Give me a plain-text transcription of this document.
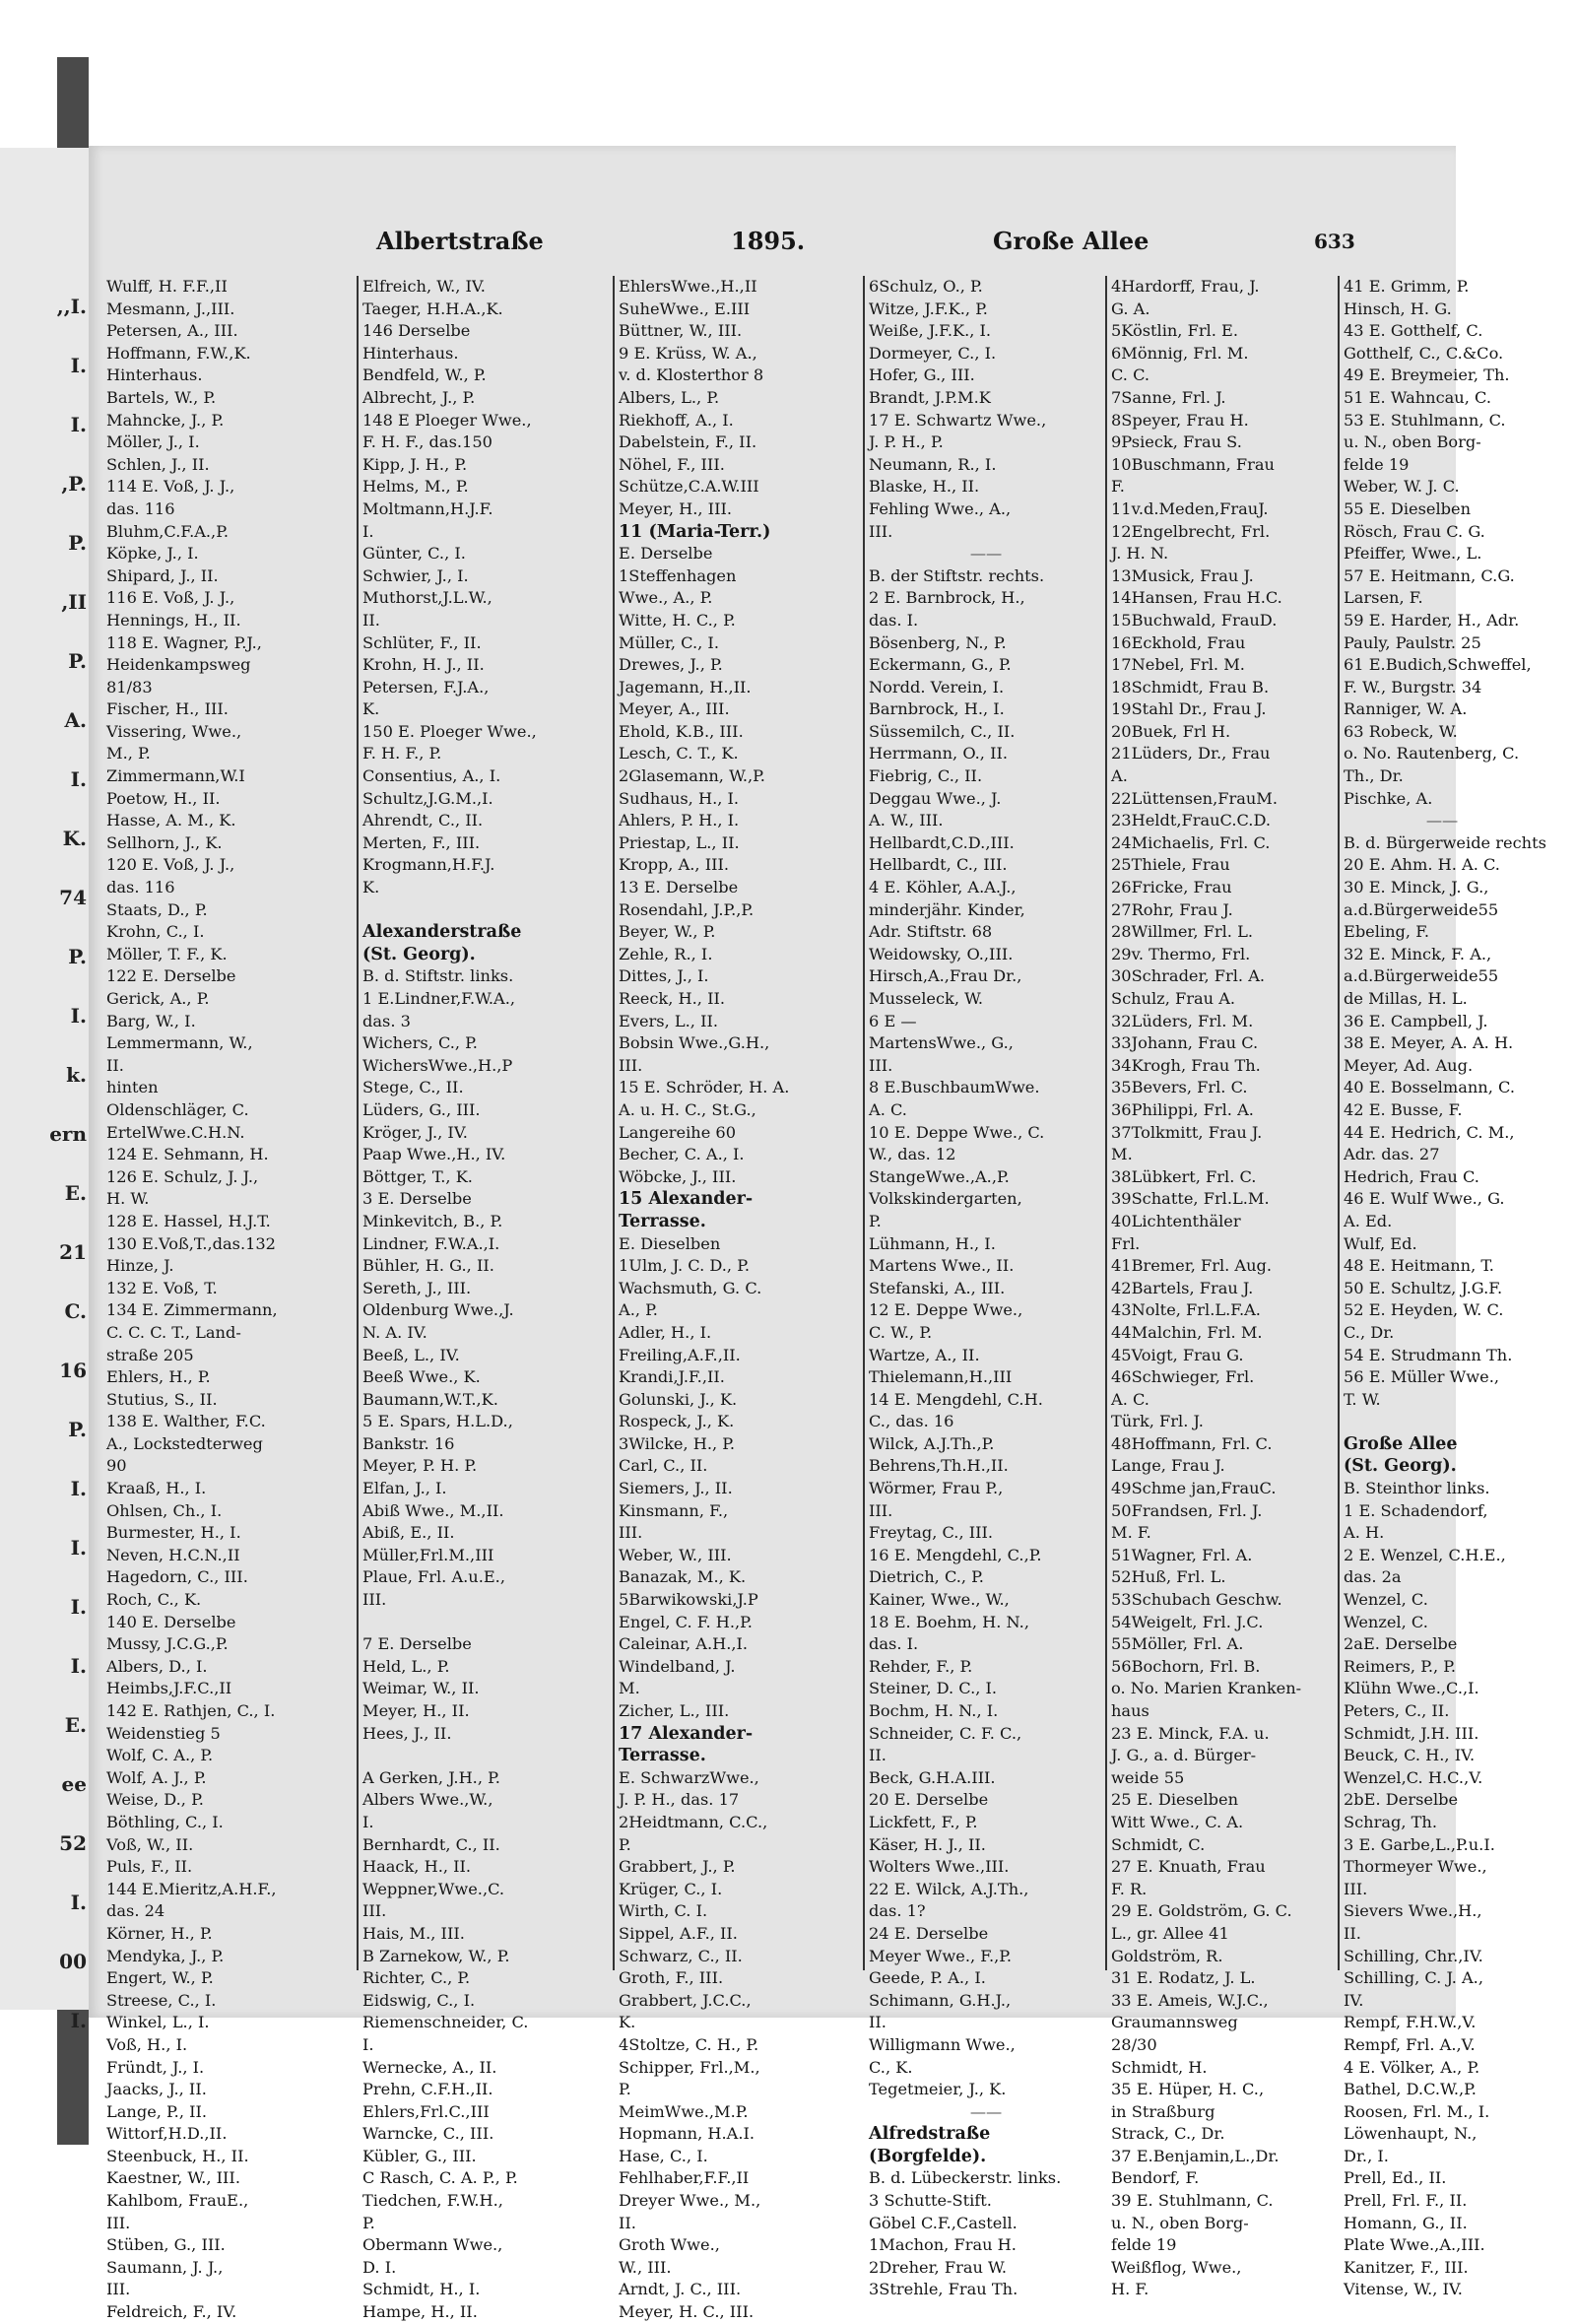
,,I.
I.
I.
,P.
P.
,II
P.
A.
I.
K.
74
P.
I.
k.
ern
E.
21
C.
16
P.
I.
I.
I.
I.
E.
ee
52
I.
00
I.
Albertstraße	1895.	Große Allee	633
Wulff, H. F.F.,II
Mesmann, J.,III.
Petersen, A., III.
Hoffmann, F.W.,K.
Hinterhaus.
Bartels, W., P.
Mahncke, J., P.
Möller, J., I.
Schlen, J., II.
114 E. Voß, J. J.,
das. 116
Bluhm,C.F.A.,P.
Köpke, J., I.
Shipard, J., II.
116 E. Voß, J. J.,
Hennings, H., II.
118 E. Wagner, P.J.,
Heidenkampsweg
81/83
Fischer, H., III.
Vissering, Wwe.,
M., P.
Zimmermann,W.I
Poetow, H., II.
Hasse, A. M., K.
Sellhorn, J., K.
120 E. Voß, J. J.,
das. 116
Staats, D., P.
Krohn, C., I.
Möller, T. F., K.
122 E. Derselbe
Gerick, A., P.
Barg, W., I.
Lemmermann, W.,
II.
hinten
Oldenschläger, C.
ErtelWwe.C.H.N.
124 E. Sehmann, H.
126 E. Schulz, J. J.,
H. W.
128 E. Hassel, H.J.T.
130 E.Voß,T.,das.132
Hinze, J.
132 E. Voß, T.
134 E. Zimmermann,
C. C. C. T., Land-
straße 205
Ehlers, H., P.
Stutius, S., II.
138 E. Walther, F.C.
A., Lockstedterweg
90
Kraaß, H., I.
Ohlsen, Ch., I.
Burmester, H., I.
Neven, H.C.N.,II
Hagedorn, C., III.
Roch, C., K.
140 E. Derselbe
Mussy, J.C.G.,P.
Albers, D., I.
Heimbs,J.F.C.,II
142 E. Rathjen, C., I.
Weidenstieg 5
Wolf, C. A., P.
Wolf, A. J., P.
Weise, D., P.
Böthling, C., I.
Voß, W., II.
Puls, F., II.
144 E.Mieritz,A.H.F.,
das. 24
Körner, H., P.
Mendyka, J., P.
Engert, W., P.
Streese, C., I.
Winkel, L., I.
Voß, H., I.
Fründt, J., I.
Jaacks, J., II.
Lange, P., II.
Wittorf,H.D.,II.
Steenbuck, H., II.
Kaestner, W., III.
Kahlbom, FrauE.,
III.
Stüben, G., III.
Saumann, J. J.,
III.
Feldreich, F., IV.
Elfreich, W., IV.
Taeger, H.H.A.,K.
146 Derselbe
Hinterhaus.
Bendfeld, W., P.
Albrecht, J., P.
148 E Ploeger Wwe.,
F. H. F., das.150
Kipp, J. H., P.
Helms, M., P.
Moltmann,H.J.F.
I.
Günter, C., I.
Schwier, J., I.
Muthorst,J.L.W.,
II.
Schlüter, F., II.
Krohn, H. J., II.
Petersen, F.J.A.,
K.
150 E. Ploeger Wwe.,
F. H. F., P.
Consentius, A., I.
Schultz,J.G.M.,I.
Ahrendt, C., II.
Merten, F., III.
Krogmann,H.F.J.
K.
Alexanderstraße
(St. Georg).
B. d. Stiftstr. links.
1 E.Lindner,F.W.A.,
das. 3
Wichers, C., P.
WichersWwe.,H.,P
Stege, C., II.
Lüders, G., III.
Kröger, J., IV.
Paap Wwe.,H., IV.
Böttger, T., K.
3 E. Derselbe
Minkevitch, B., P.
Lindner, F.W.A.,I.
Bühler, H. G., II.
Sereth, J., III.
Oldenburg Wwe.,J.
N. A. IV.
Beeß, L., IV.
Beeß Wwe., K.
Baumann,W.T.,K.
5 E. Spars, H.L.D.,
Bankstr. 16
Meyer, P. H. P.
Elfan, J., I.
Abiß Wwe., M.,II.
Abiß, E., II.
Müller,Frl.M.,III
Plaue, Frl. A.u.E.,
III.
7 E. Derselbe
Held, L., P.
Weimar, W., II.
Meyer, H., II.
Hees, J., II.
A Gerken, J.H., P.
Albers Wwe.,W.,
I.
Bernhardt, C., II.
Haack, H., II.
Weppner,Wwe.,C.
III.
Hais, M., III.
B Zarnekow, W., P.
Richter, C., P.
Eidswig, C., I.
Riemenschneider, C.
I.
Wernecke, A., II.
Prehn, C.F.H.,II.
Ehlers,Frl.C.,III
Warncke, C., III.
Kübler, G., III.
C Rasch, C. A. P., P.
Tiedchen, F.W.H.,
P.
Obermann Wwe.,
D. I.
Schmidt, H., I.
Hampe, H., II.
EhlersWwe.,H.,II
SuheWwe., E.III
Büttner, W., III.
9 E. Krüss, W. A.,
v. d. Klosterthor 8
Albers, L., P.
Riekhoff, A., I.
Dabelstein, F., II.
Nöhel, F., III.
Schütze,C.A.W.III
Meyer, H., III.
11 (Maria-Terr.)
E. Derselbe
1Steffenhagen
Wwe., A., P.
Witte, H. C., P.
Müller, C., I.
Drewes, J., P.
Jagemann, H.,II.
Meyer, A., III.
Ehold, K.B., III.
Lesch, C. T., K.
2Glasemann, W.,P.
Sudhaus, H., I.
Ahlers, P. H., I.
Priestap, L., II.
Kropp, A., III.
13 E. Derselbe
Rosendahl, J.P.,P.
Beyer, W., P.
Zehle, R., I.
Dittes, J., I.
Reeck, H., II.
Evers, L., II.
Bobsin Wwe.,G.H.,
III.
15 E. Schröder, H. A.
A. u. H. C., St.G.,
Langereihe 60
Becher, C. A., I.
Wöbcke, J., III.
15 Alexander-
Terrasse.
E. Dieselben
1Ulm, J. C. D., P.
Wachsmuth, G. C.
A., P.
Adler, H., I.
Freiling,A.F.,II.
Krandi,J.F.,II.
Golunski, J., K.
Rospeck, J., K.
3Wilcke, H., P.
Carl, C., II.
Siemers, J., II.
Kinsmann, F.,
III.
Weber, W., III.
Banazak, M., K.
5Barwikowski,J.P
Engel, C. F. H.,P.
Caleinar, A.H.,I.
Windelband, J.
M.
Zicher, L., III.
17 Alexander-
Terrasse.
E. SchwarzWwe.,
J. P. H., das. 17
2Heidtmann, C.C.,
P.
Grabbert, J., P.
Krüger, C., I.
Wirth, C. I.
Sippel, A.F., II.
Schwarz, C., II.
Groth, F., III.
Grabbert, J.C.C.,
K.
4Stoltze, C. H., P.
Schipper, Frl.,M.,
P.
MeimWwe.,M.P.
Hopmann, H.A.I.
Hase, C., I.
Fehlhaber,F.F.,II
Dreyer Wwe., M.,
II.
Groth Wwe.,
W., III.
Arndt, J. C., III.
Meyer, H. C., III.
6Schulz, O., P.
Witze, J.F.K., P.
Weiße, J.F.K., I.
Dormeyer, C., I.
Hofer, G., III.
Brandt, J.P.M.K
17 E. Schwartz Wwe.,
J. P. H., P.
Neumann, R., I.
Blaske, H., II.
Fehling Wwe., A.,
III.
——
B. der Stiftstr. rechts.
2 E. Barnbrock, H.,
das. I.
Bösenberg, N., P.
Eckermann, G., P.
Nordd. Verein, I.
Barnbrock, H., I.
Süssemilch, C., II.
Herrmann, O., II.
Fiebrig, C., II.
Deggau Wwe., J.
A. W., III.
Hellbardt,C.D.,III.
Hellbardt, C., III.
4 E. Köhler, A.A.J.,
minderjähr. Kinder,
Adr. Stiftstr. 68
Weidowsky, O.,III.
Hirsch,A.,Frau Dr.,
Musseleck, W.
6 E —
MartensWwe., G.,
III.
8 E.BuschbaumWwe.
A. C.
10 E. Deppe Wwe., C.
W., das. 12
StangeWwe.,A.,P.
Volkskindergarten,
P.
Lühmann, H., I.
Martens Wwe., II.
Stefanski, A., III.
12 E. Deppe Wwe.,
C. W., P.
Wartze, A., II.
Thielemann,H.,III
14 E. Mengdehl, C.H.
C., das. 16
Wilck, A.J.Th.,P.
Behrens,Th.H.,II.
Wörmer, Frau P.,
III.
Freytag, C., III.
16 E. Mengdehl, C.,P.
Dietrich, C., P.
Kainer, Wwe., W.,
18 E. Boehm, H. N.,
das. I.
Rehder, F., P.
Steiner, D. C., I.
Bochm, H. N., I.
Schneider, C. F. C.,
II.
Beck, G.H.A.III.
20 E. Derselbe
Lickfett, F., P.
Käser, H. J., II.
Wolters Wwe.,III.
22 E. Wilck, A.J.Th.,
das. 1?
24 E. Derselbe
Meyer Wwe., F.,P.
Geede, P. A., I.
Schimann, G.H.J.,
II.
Willigmann Wwe.,
C., K.
Tegetmeier, J., K.
——
Alfredstraße
(Borgfelde).
B. d. Lübeckerstr. links.
3 Schutte-Stift.
Göbel C.F.,Castell.
1Machon, Frau H.
2Dreher, Frau W.
3Strehle, Frau Th.
4Hardorff, Frau, J.
G. A.
5Köstlin, Frl. E.
6Mönnig, Frl. M.
C. C.
7Sanne, Frl. J.
8Speyer, Frau H.
9Psieck, Frau S.
10Buschmann, Frau
F.
11v.d.Meden,FrauJ.
12Engelbrecht, Frl.
J. H. N.
13Musick, Frau J.
14Hansen, Frau H.C.
15Buchwald, FrauD.
16Eckhold, Frau
17Nebel, Frl. M.
18Schmidt, Frau B.
19Stahl Dr., Frau J.
20Buek, Frl H.
21Lüders, Dr., Frau
A.
22Lüttensen,FrauM.
23Heldt,FrauC.C.D.
24Michaelis, Frl. C.
25Thiele, Frau
26Fricke, Frau
27Rohr, Frau J.
28Willmer, Frl. L.
29v. Thermo, Frl.
30Schrader, Frl. A.
Schulz, Frau A.
32Lüders, Frl. M.
33Johann, Frau C.
34Krogh, Frau Th.
35Bevers, Frl. C.
36Philippi, Frl. A.
37Tolkmitt, Frau J.
M.
38Lübkert, Frl. C.
39Schatte, Frl.L.M.
40Lichtenthäler
Frl.
41Bremer, Frl. Aug.
42Bartels, Frau J.
43Nolte, Frl.L.F.A.
44Malchin, Frl. M.
45Voigt, Frau G.
46Schwieger, Frl.
A. C.
Türk, Frl. J.
48Hoffmann, Frl. C.
Lange, Frau J.
49Schme jan,FrauC.
50Frandsen, Frl. J.
M. F.
51Wagner, Frl. A.
52Huß, Frl. L.
53Schubach Geschw.
54Weigelt, Frl. J.C.
55Möller, Frl. A.
56Bochorn, Frl. B.
o. No. Marien Kranken-
haus
23 E. Minck, F.A. u.
J. G., a. d. Bürger-
weide 55
25 E. Dieselben
Witt Wwe., C. A.
Schmidt, C.
27 E. Knuath, Frau
F. R.
29 E. Goldström, G. C.
L., gr. Allee 41
Goldström, R.
31 E. Rodatz, J. L.
33 E. Ameis, W.J.C.,
Graumannsweg
28/30
Schmidt, H.
35 E. Hüper, H. C.,
in Straßburg
Strack, C., Dr.
37 E.Benjamin,L.,Dr.
Bendorf, F.
39 E. Stuhlmann, C.
u. N., oben Borg-
felde 19
Weißflog, Wwe.,
H. F.
41 E. Grimm, P.
Hinsch, H. G.
43 E. Gotthelf, C.
Gotthelf, C., C.&Co.
49 E. Breymeier, Th.
51 E. Wahncau, C.
53 E. Stuhlmann, C.
u. N., oben Borg-
felde 19
Weber, W. J. C.
55 E. Dieselben
Rösch, Frau C. G.
Pfeiffer, Wwe., L.
57 E. Heitmann, C.G.
Larsen, F.
59 E. Harder, H., Adr.
Pauly, Paulstr. 25
61 E.Budich,Schweffel,
F. W., Burgstr. 34
Ranniger, W. A.
63 Robeck, W.
o. No. Rautenberg, C.
Th., Dr.
Pischke, A.
——
B. d. Bürgerweide rechts
20 E. Ahm. H. A. C.
30 E. Minck, J. G.,
a.d.Bürgerweide55
Ebeling, F.
32 E. Minck, F. A.,
a.d.Bürgerweide55
de Millas, H. L.
36 E. Campbell, J.
38 E. Meyer, A. A. H.
Meyer, Ad. Aug.
40 E. Bosselmann, C.
42 E. Busse, F.
44 E. Hedrich, C. M.,
Adr. das. 27
Hedrich, Frau C.
46 E. Wulf Wwe., G.
A. Ed.
Wulf, Ed.
48 E. Heitmann, T.
50 E. Schultz, J.G.F.
52 E. Heyden, W. C.
C., Dr.
54 E. Strudmann Th.
56 E. Müller Wwe.,
T. W.
Große Allee
(St. Georg).
B. Steinthor links.
1 E. Schadendorf,
A. H.
2 E. Wenzel, C.H.E.,
das. 2a
Wenzel, C.
Wenzel, C.
2aE. Derselbe
Reimers, P., P.
Klühn Wwe.,C.,I.
Peters, C., II.
Schmidt, J.H. III.
Beuck, C. H., IV.
Wenzel,C. H.C.,V.
2bE. Derselbe
Schrag, Th.
3 E. Garbe,L.,P.u.I.
Thormeyer Wwe.,
III.
Sievers Wwe.,H.,
II.
Schilling, Chr.,IV.
Schilling, C. J. A.,
IV.
Rempf, F.H.W.,V.
Rempf, Frl. A.,V.
4 E. Völker, A., P.
Bathel, D.C.W.,P.
Roosen, Frl. M., I.
Löwenhaupt, N.,
Dr., I.
Prell, Ed., II.
Prell, Frl. F., II.
Homann, G., II.
Plate Wwe.,A.,III.
Kanitzer, F., III.
Vitense, W., IV.
